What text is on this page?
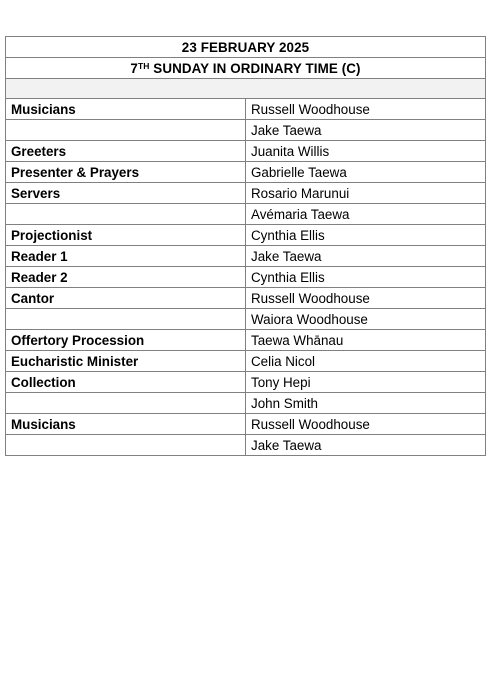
23 FEBRUARY 2025	
7TH SUNDAY IN ORDINARY TIME (C)	

Musicians	Russell Woodhouse
	Jake Taewa
Greeters	Juanita Willis
Presenter & Prayers	Gabrielle Taewa
Servers	Rosario Marunui
	Avémaria Taewa
Projectionist	Cynthia Ellis
Reader 1	Jake Taewa
Reader 2	Cynthia Ellis
Cantor	Russell Woodhouse
	Waiora Woodhouse
Offertory Procession	Taewa Whānau
Eucharistic Minister	Celia Nicol
Collection	Tony Hepi
	John Smith
Musicians	Russell Woodhouse
	Jake Taewa
